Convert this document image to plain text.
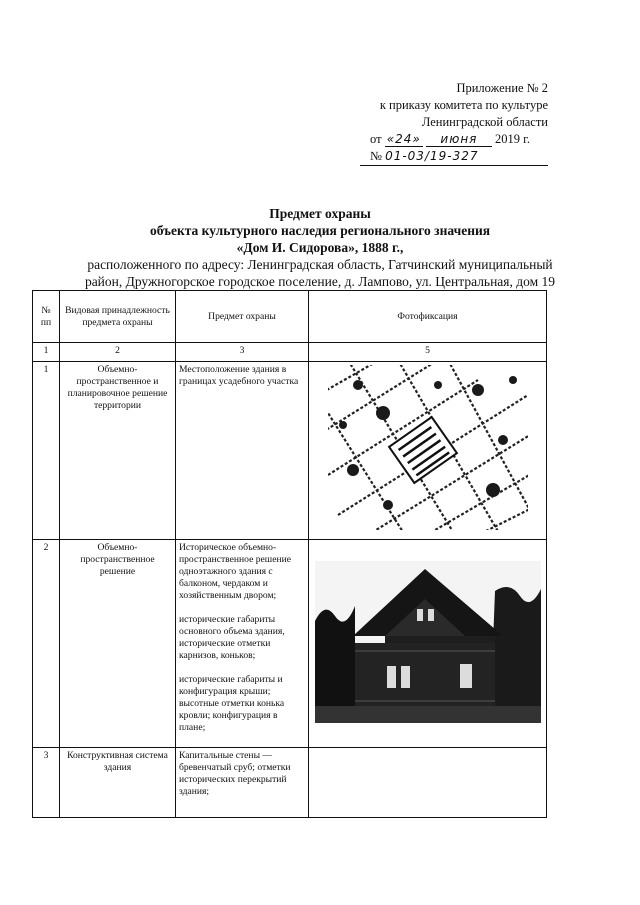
Приложение № 2
к приказу комитета по культуре
Ленинградской области
от «24» июня 2019 г.
№ 01-03/19-327
Предмет охраны
объекта культурного наследия регионального значения
«Дом И. Сидорова», 1888 г.,
расположенного по адресу: Ленинградская область, Гатчинский муниципальный
район, Дружногорское городское поселение, д. Лампово, ул. Центральная, дом 19
№ пп	Видовая принадлежность предмета охраны	Предмет охраны	Фотофиксация
1	2	3	5
1	Объемно-пространственное и планировочное решение территории	Местоположение здания в границах усадебного участка

2	Объемно-пространственное решение	Историческое объемно-пространственное решение одноэтажного здания с балконом, чердаком и хозяйственным двором;
исторические габариты основного объема здания, исторические отметки карнизов, коньков;
исторические габариты и конфигурация крыши; высотные отметки конька кровли; конфигурация в плане;

3	Конструктивная система здания	Капитальные стены — бревенчатый сруб; отметки исторических перекрытий здания;	
